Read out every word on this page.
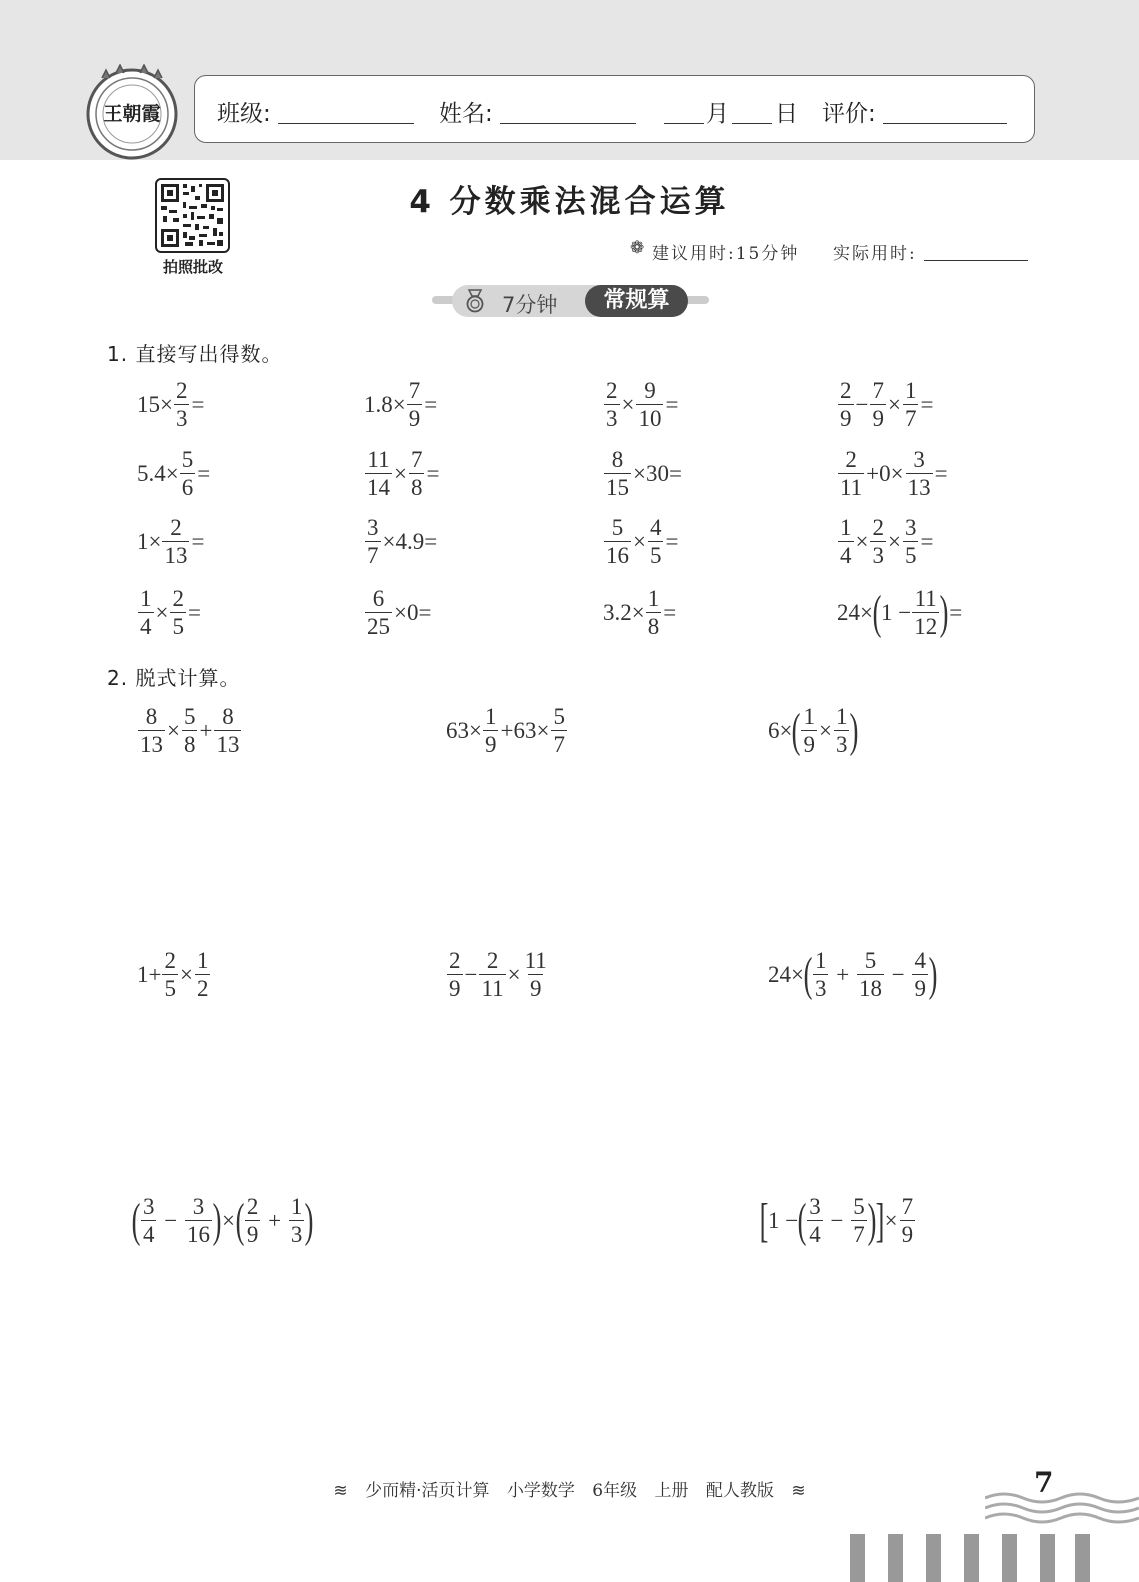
王朝霞 班级:	姓名:	月 日 评价:
拍照批改
4 分数乘法混合运算
❁ 建议用时:15分钟 实际用时:
7分钟	常规算
1. 直接写出得数。
$15\times \frac{2}{3}$ =	$1.8\times \frac{7}{9}$ =	$\frac{2}{3} \times \frac{9}{10}$ =	$\frac{2}{9} - \frac{7}{9} \times \frac{1}{7}$ =
$5.4\times \frac{5}{6}$ =	$\frac{11}{14} \times \frac{7}{8}$ =	$\frac{8}{15} \times 30=$	$\frac{2}{11} +0\times \frac{3}{13}$ =
$1\times \frac{2}{13}$ =	$\frac{3}{7} \times 4.9=$	$\frac{5}{16} \times \frac{4}{5}$ =	$\frac{1}{4} \times \frac{2}{3} \times \frac{3}{5}$ =
$\frac{1}{4} \times \frac{2}{5}$ =	$\frac{6}{25} \times 0=$	$3.2\times \frac{1}{8}$ =	24× ( $1 - \frac{11}{12}$ ) =
2. 脱式计算。
$\frac{8}{13} \times \frac{5}{8} + \frac{8}{13}$	$63\times \frac{1}{9} +63\times \frac{5}{7}$	6× ( $\frac{1}{9} \times \frac{1}{3}$ )
$1+ \frac{2}{5} \times \frac{1}{2}$	$\frac{2}{9} - \frac{2}{11} \times \frac{11}{9}$	24× ( $\frac{1}{3} + \frac{5}{18} - \frac{4}{9}$ )
( $\frac{3}{4} - \frac{3}{16}$ ) × ( $\frac{2}{9} + \frac{1}{3}$ )	[ 1 − ( $\frac{3}{4} - \frac{5}{7}$ ) ] × $\frac{7}{9}$
≋ 少而精·活页计算 小学数学 6年级 上册 配人教版 ≋	7
